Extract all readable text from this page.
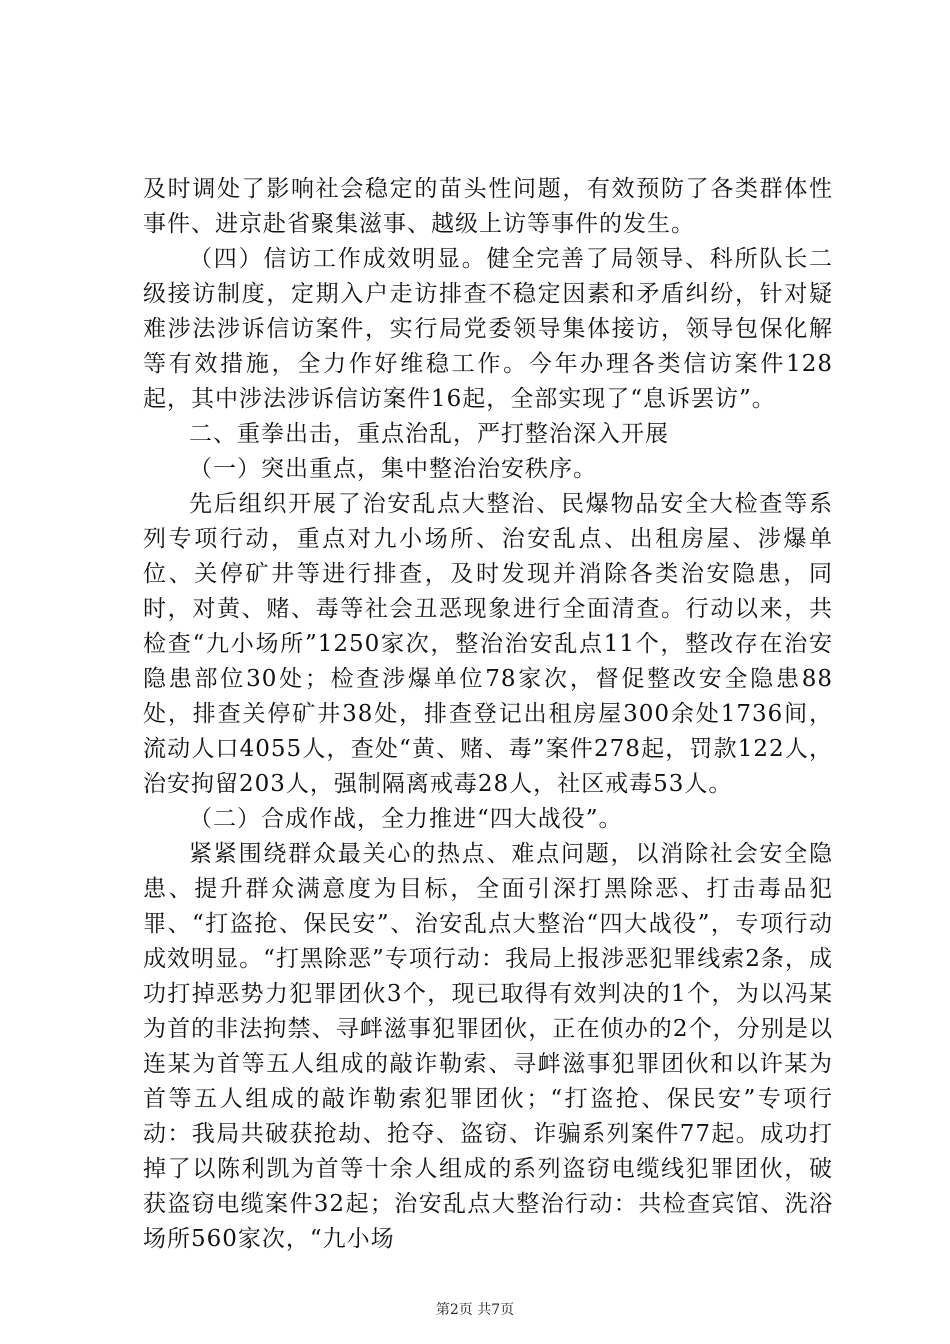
及时调处了影响社会稳定的苗头性问题，有效预防了各类群体性事件、进京赴省聚集滋事、越级上访等事件的发生。

（四）信访工作成效明显。健全完善了局领导、科所队长二级接访制度，定期入户走访排查不稳定因素和矛盾纠纷，针对疑难涉法涉诉信访案件，实行局党委领导集体接访，领导包保化解等有效措施，全力作好维稳工作。今年办理各类信访案件128起，其中涉法涉诉信访案件16起，全部实现了“息诉罢访”。

二、重拳出击，重点治乱，严打整治深入开展

（一）突出重点，集中整治治安秩序。

先后组织开展了治安乱点大整治、民爆物品安全大检查等系列专项行动，重点对九小场所、治安乱点、出租房屋、涉爆单位、关停矿井等进行排查，及时发现并消除各类治安隐患，同时，对黄、赌、毒等社会丑恶现象进行全面清查。行动以来，共检查“九小场所”1250家次，整治治安乱点11个，整改存在治安隐患部位30处；检查涉爆单位78家次，督促整改安全隐患88处，排查关停矿井38处，排查登记出租房屋300余处1736间，流动人口4055人，查处“黄、赌、毒”案件278起，罚款122人，治安拘留203人，强制隔离戒毒28人，社区戒毒53人。

（二）合成作战，全力推进“四大战役”。

紧紧围绕群众最关心的热点、难点问题，以消除社会安全隐患、提升群众满意度为目标，全面引深打黑除恶、打击毒品犯罪、“打盗抢、保民安”、治安乱点大整治“四大战役”，专项行动成效明显。“打黑除恶”专项行动：我局上报涉恶犯罪线索2条，成功打掉恶势力犯罪团伙3个，现已取得有效判决的1个，为以冯某为首的非法拘禁、寻衅滋事犯罪团伙，正在侦办的2个，分别是以连某为首等五人组成的敲诈勒索、寻衅滋事犯罪团伙和以许某为首等五人组成的敲诈勒索犯罪团伙；“打盗抢、保民安”专项行动：我局共破获抢劫、抢夺、盗窃、诈骗系列案件77起。成功打掉了以陈利凯为首等十余人组成的系列盗窃电缆线犯罪团伙，破获盗窃电缆案件32起；治安乱点大整治行动：共检查宾馆、洗浴场所560家次，“九小场

第2页 共7页
